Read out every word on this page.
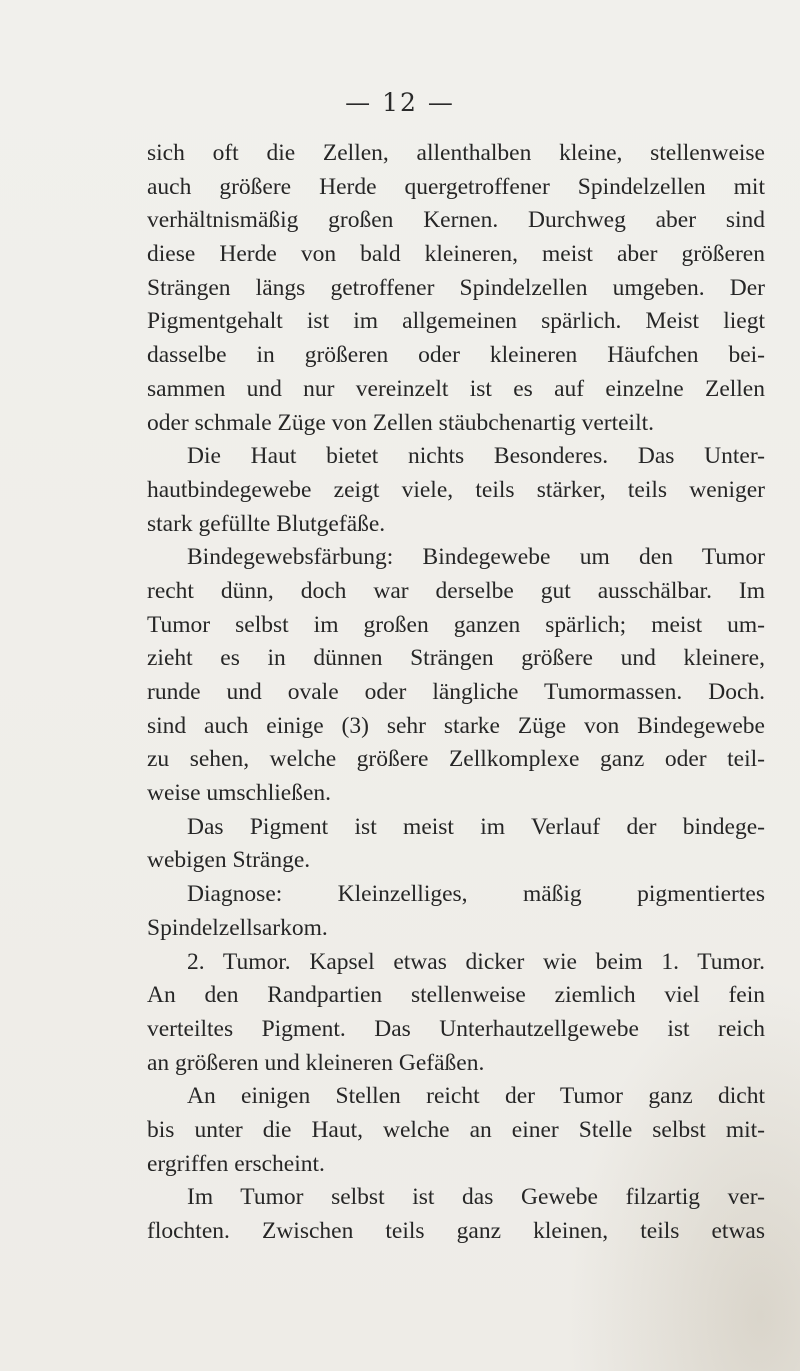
— 12 —
sich oft die Zellen, allenthalben kleine, stellenweise
auch größere Herde quergetroffener Spindelzellen mit
verhältnismäßig großen Kernen. Durchweg aber sind
diese Herde von bald kleineren, meist aber größeren
Strängen längs getroffener Spindelzellen umgeben. Der
Pigmentgehalt ist im allgemeinen spärlich. Meist liegt
dasselbe in größeren oder kleineren Häufchen bei-
sammen und nur vereinzelt ist es auf einzelne Zellen
oder schmale Züge von Zellen stäubchenartig verteilt.
Die Haut bietet nichts Besonderes. Das Unter-
hautbindegewebe zeigt viele, teils stärker, teils weniger
stark gefüllte Blutgefäße.
Bindegewebsfärbung: Bindegewebe um den Tumor
recht dünn, doch war derselbe gut ausschälbar. Im
Tumor selbst im großen ganzen spärlich; meist um-
zieht es in dünnen Strängen größere und kleinere,
runde und ovale oder längliche Tumormassen. Doch.
sind auch einige (3) sehr starke Züge von Bindegewebe
zu sehen, welche größere Zellkomplexe ganz oder teil-
weise umschließen.
Das Pigment ist meist im Verlauf der bindege-
webigen Stränge.
Diagnose: Kleinzelliges, mäßig pigmentiertes
Spindelzellsarkom.
2. Tumor. Kapsel etwas dicker wie beim 1. Tumor.
An den Randpartien stellenweise ziemlich viel fein
verteiltes Pigment. Das Unterhautzellgewebe ist reich
an größeren und kleineren Gefäßen.
An einigen Stellen reicht der Tumor ganz dicht
bis unter die Haut, welche an einer Stelle selbst mit-
ergriffen erscheint.
Im Tumor selbst ist das Gewebe filzartig ver-
flochten. Zwischen teils ganz kleinen, teils etwas
